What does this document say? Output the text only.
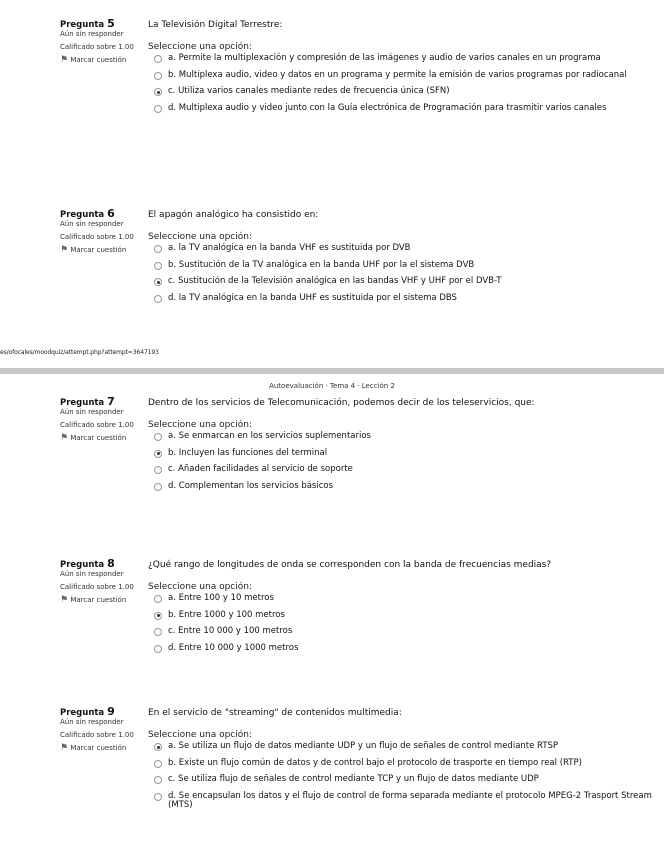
Pregunta 5
Aún sin responder
Calificado sobre 1.00
⚑ Marcar cuestión
La Televisión Digital Terrestre:
Seleccione una opción:
a. Permite la multiplexación y compresión de las imágenes y audio de varios canales en un programa
b. Multiplexa audio, video y datos en un programa y permite la emisión de varios programas por radiocanal
c. Utiliza varios canales mediante redes de frecuencia única (SFN)
d. Multiplexa audio y video junto con la Guía electrónica de Programación para trasmitir varios canales
Pregunta 6
Aún sin responder
Calificado sobre 1.00
⚑ Marcar cuestión
El apagón analógico ha consistido en:
Seleccione una opción:
a. la TV analógica en la banda VHF es sustituida por DVB
b. Sustitución de la TV analógica en la banda UHF por la el sistema DVB
c. Sustitución de la Televisión analógica en las bandas VHF y UHF por el DVB-T
d. la TV analógica en la banda UHF es sustituida por el sistema DBS
es/ofocales/moodquiz/attempt.php?attempt=3647193
Autoevaluación · Tema 4 · Lección 2
Pregunta 7
Aún sin responder
Calificado sobre 1.00
⚑ Marcar cuestión
Dentro de los servicios de Telecomunicación, podemos decir de los teleservicios, que:
Seleccione una opción:
a. Se enmarcan en los servicios suplementarios
b. Incluyen las funciones del terminal
c. Añaden facilidades al servicio de soporte
d. Complementan los servicios básicos
Pregunta 8
Aún sin responder
Calificado sobre 1.00
⚑ Marcar cuestión
¿Qué rango de longitudes de onda se corresponden con la banda de frecuencias medias?
Seleccione una opción:
a. Entre 100 y 10 metros
b. Entre 1000 y 100 metros
c. Entre 10 000 y 100 metros
d. Entre 10 000 y 1000 metros
Pregunta 9
Aún sin responder
Calificado sobre 1.00
⚑ Marcar cuestión
En el servicio de "streaming" de contenidos multimedia:
Seleccione una opción:
a. Se utiliza un flujo de datos mediante UDP y un flujo de señales de control mediante RTSP
b. Existe un flujo común de datos y de control bajo el protocolo de trasporte en tiempo real (RTP)
c. Se utiliza flujo de señales de control mediante TCP y un flujo de datos mediante UDP
d. Se encapsulan los datos y el flujo de control de forma separada mediante el protocolo MPEG-2 Trasport Stream (MTS)
